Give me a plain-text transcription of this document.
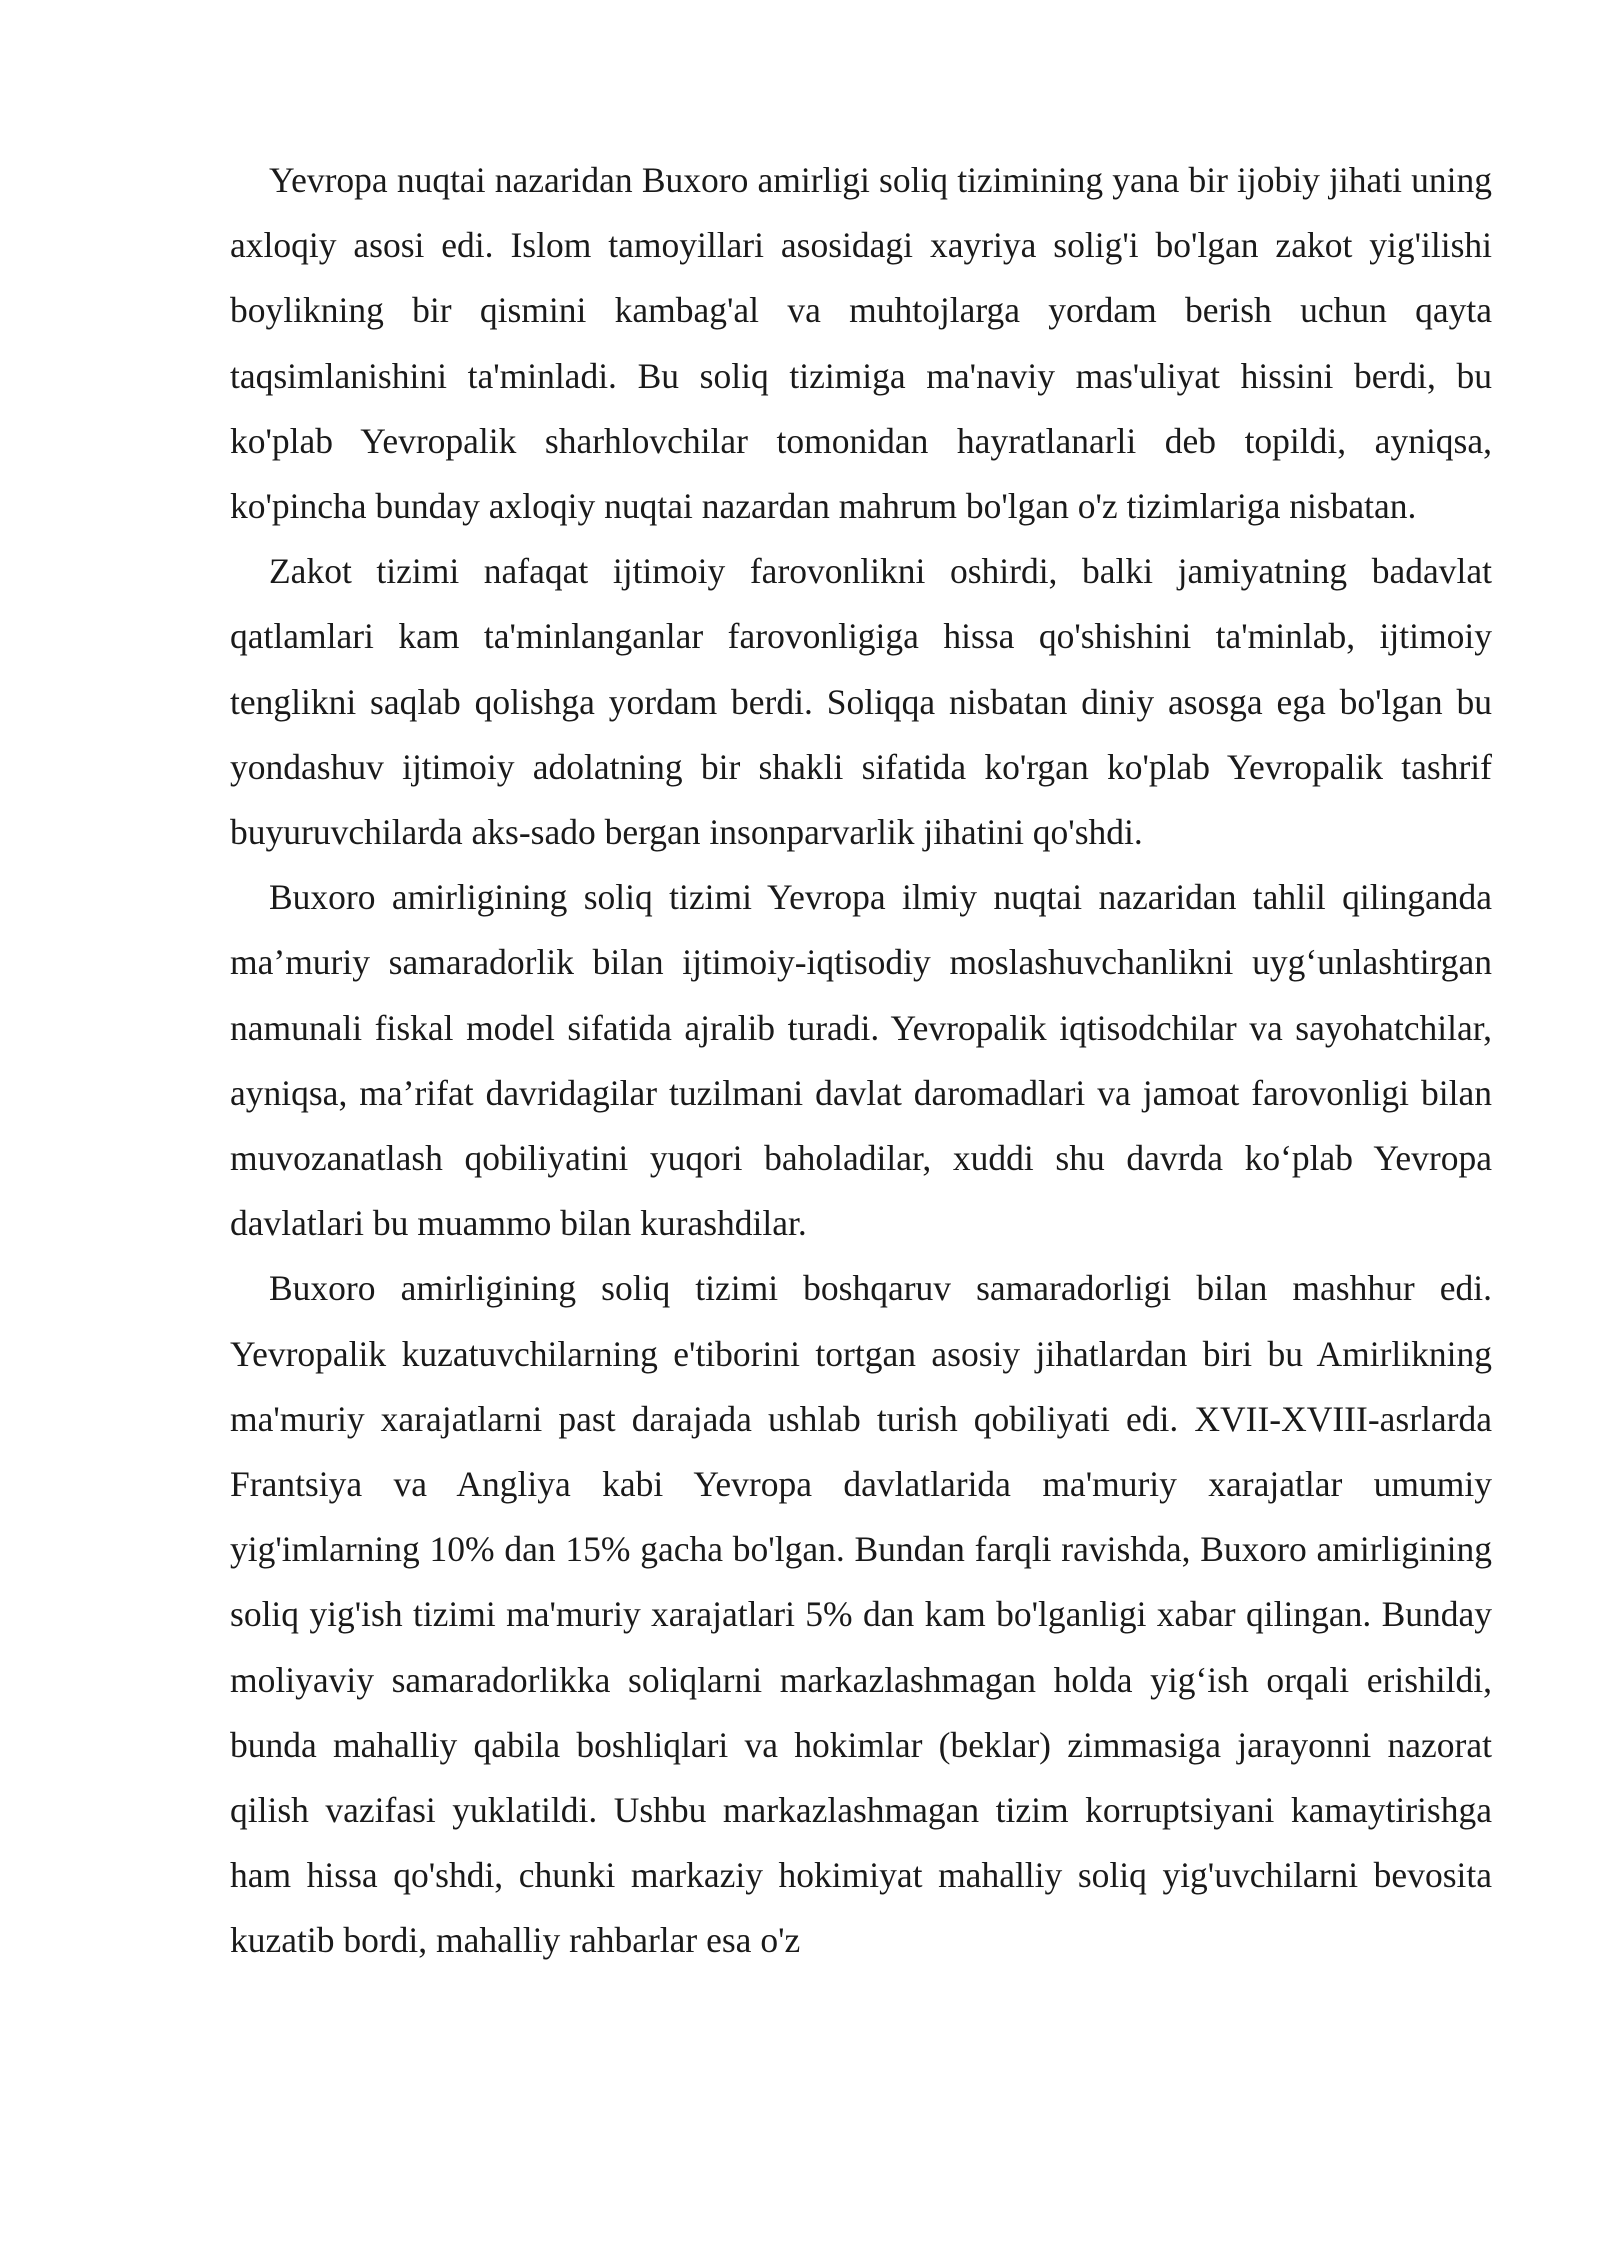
Yevropa nuqtai nazaridan Buxoro amirligi soliq tizimining yana bir ijobiy jihati uning axloqiy asosi edi. Islom tamoyillari asosidagi xayriya solig'i bo'lgan zakot yig'ilishi boylikning bir qismini kambag'al va muhtojlarga yordam berish uchun qayta taqsimlanishini ta'minladi. Bu soliq tizimiga ma'naviy mas'uliyat hissini berdi, bu ko'plab Yevropalik sharhlovchilar tomonidan hayratlanarli deb topildi, ayniqsa, ko'pincha bunday axloqiy nuqtai nazardan mahrum bo'lgan o'z tizimlariga nisbatan.

Zakot tizimi nafaqat ijtimoiy farovonlikni oshirdi, balki jamiyatning badavlat qatlamlari kam ta'minlanganlar farovonligiga hissa qo'shishini ta'minlab, ijtimoiy tenglikni saqlab qolishga yordam berdi. Soliqqa nisbatan diniy asosga ega bo'lgan bu yondashuv ijtimoiy adolatning bir shakli sifatida ko'rgan ko'plab Yevropalik tashrif buyuruvchilarda aks-sado bergan insonparvarlik jihatini qo'shdi.

Buxoro amirligining soliq tizimi Yevropa ilmiy nuqtai nazaridan tahlil qilinganda ma’muriy samaradorlik bilan ijtimoiy-iqtisodiy moslashuvchanlikni uyg‘unlashtirgan namunali fiskal model sifatida ajralib turadi. Yevropalik iqtisodchilar va sayohatchilar, ayniqsa, ma’rifat davridagilar tuzilmani davlat daromadlari va jamoat farovonligi bilan muvozanatlash qobiliyatini yuqori baholadilar, xuddi shu davrda ko‘plab Yevropa davlatlari bu muammo bilan kurashdilar.

Buxoro amirligining soliq tizimi boshqaruv samaradorligi bilan mashhur edi. Yevropalik kuzatuvchilarning e'tiborini tortgan asosiy jihatlardan biri bu Amirlikning ma'muriy xarajatlarni past darajada ushlab turish qobiliyati edi. XVII-XVIII-asrlarda Frantsiya va Angliya kabi Yevropa davlatlarida ma'muriy xarajatlar umumiy yig'imlarning 10% dan 15% gacha bo'lgan. Bundan farqli ravishda, Buxoro amirligining soliq yig'ish tizimi ma'muriy xarajatlari 5% dan kam bo'lganligi xabar qilingan. Bunday moliyaviy samaradorlikka soliqlarni markazlashmagan holda yig‘ish orqali erishildi, bunda mahalliy qabila boshliqlari va hokimlar (beklar) zimmasiga jarayonni nazorat qilish vazifasi yuklatildi. Ushbu markazlashmagan tizim korruptsiyani kamaytirishga ham hissa qo'shdi, chunki markaziy hokimiyat mahalliy soliq yig'uvchilarni bevosita kuzatib bordi, mahalliy rahbarlar esa o'z
